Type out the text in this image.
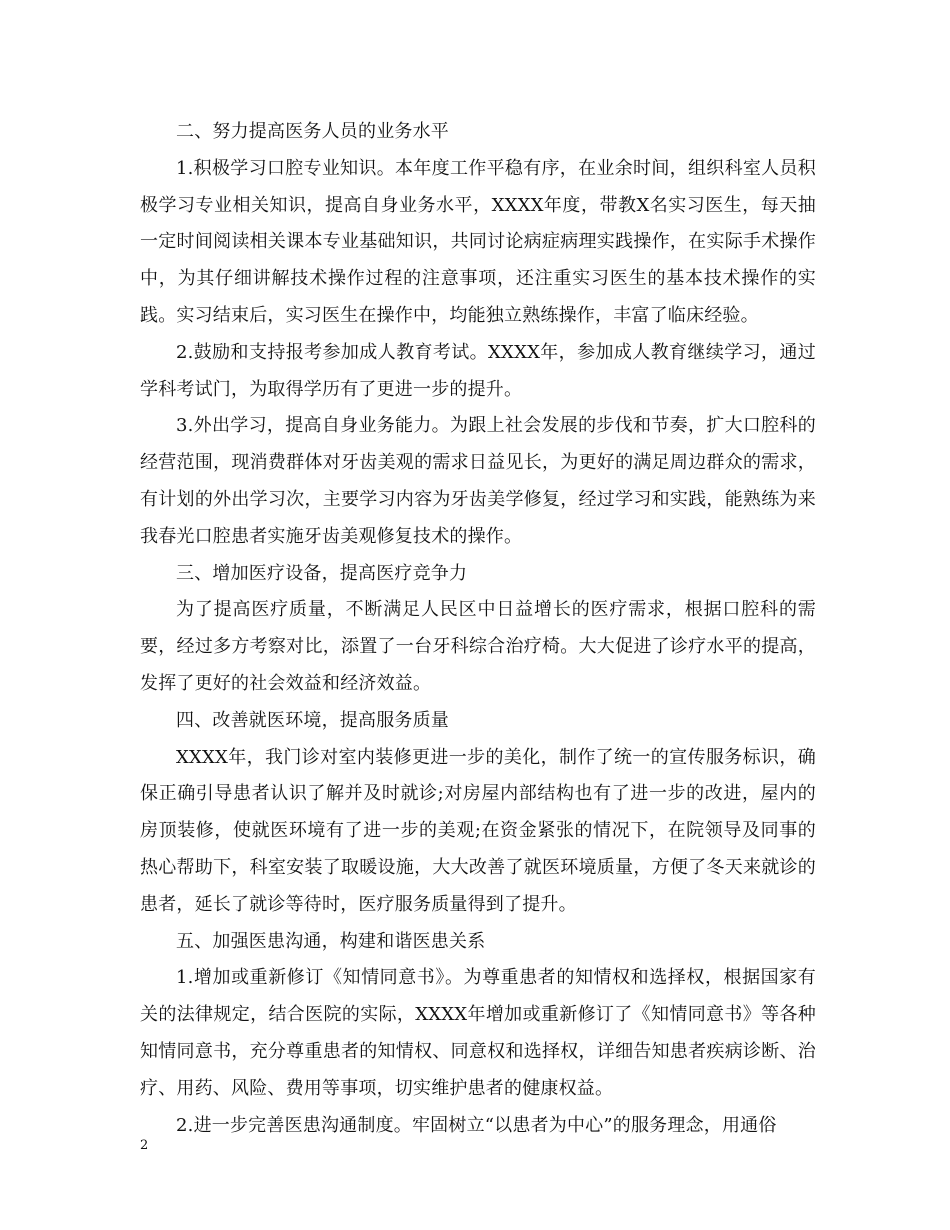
二、努力提高医务人员的业务水平

1.积极学习口腔专业知识。本年度工作平稳有序，在业余时间，组织科室人员积极学习专业相关知识，提高自身业务水平，XXXX年度，带教X名实习医生，每天抽一定时间阅读相关课本专业基础知识，共同讨论病症病理实践操作，在实际手术操作中，为其仔细讲解技术操作过程的注意事项，还注重实习医生的基本技术操作的实践。实习结束后，实习医生在操作中，均能独立熟练操作，丰富了临床经验。

2.鼓励和支持报考参加成人教育考试。XXXX年，参加成人教育继续学习，通过学科考试门，为取得学历有了更进一步的提升。

3.外出学习，提高自身业务能力。为跟上社会发展的步伐和节奏，扩大口腔科的经营范围，现消费群体对牙齿美观的需求日益见长，为更好的满足周边群众的需求，有计划的外出学习次，主要学习内容为牙齿美学修复，经过学习和实践，能熟练为来我春光口腔患者实施牙齿美观修复技术的操作。

三、增加医疗设备，提高医疗竞争力

为了提高医疗质量，不断满足人民区中日益增长的医疗需求，根据口腔科的需要，经过多方考察对比，添置了一台牙科综合治疗椅。大大促进了诊疗水平的提高，发挥了更好的社会效益和经济效益。

四、改善就医环境，提高服务质量

XXXX年，我门诊对室内装修更进一步的美化，制作了统一的宣传服务标识，确保正确引导患者认识了解并及时就诊;对房屋内部结构也有了进一步的改进，屋内的房顶装修，使就医环境有了进一步的美观;在资金紧张的情况下，在院领导及同事的热心帮助下，科室安装了取暖设施，大大改善了就医环境质量，方便了冬天来就诊的患者，延长了就诊等待时，医疗服务质量得到了提升。

五、加强医患沟通，构建和谐医患关系

1.增加或重新修订《知情同意书》。为尊重患者的知情权和选择权，根据国家有关的法律规定，结合医院的实际，XXXX年增加或重新修订了《知情同意书》等各种知情同意书，充分尊重患者的知情权、同意权和选择权，详细告知患者疾病诊断、治疗、用药、风险、费用等事项，切实维护患者的健康权益。

2.进一步完善医患沟通制度。牢固树立“以患者为中心”的服务理念，用通俗

2
